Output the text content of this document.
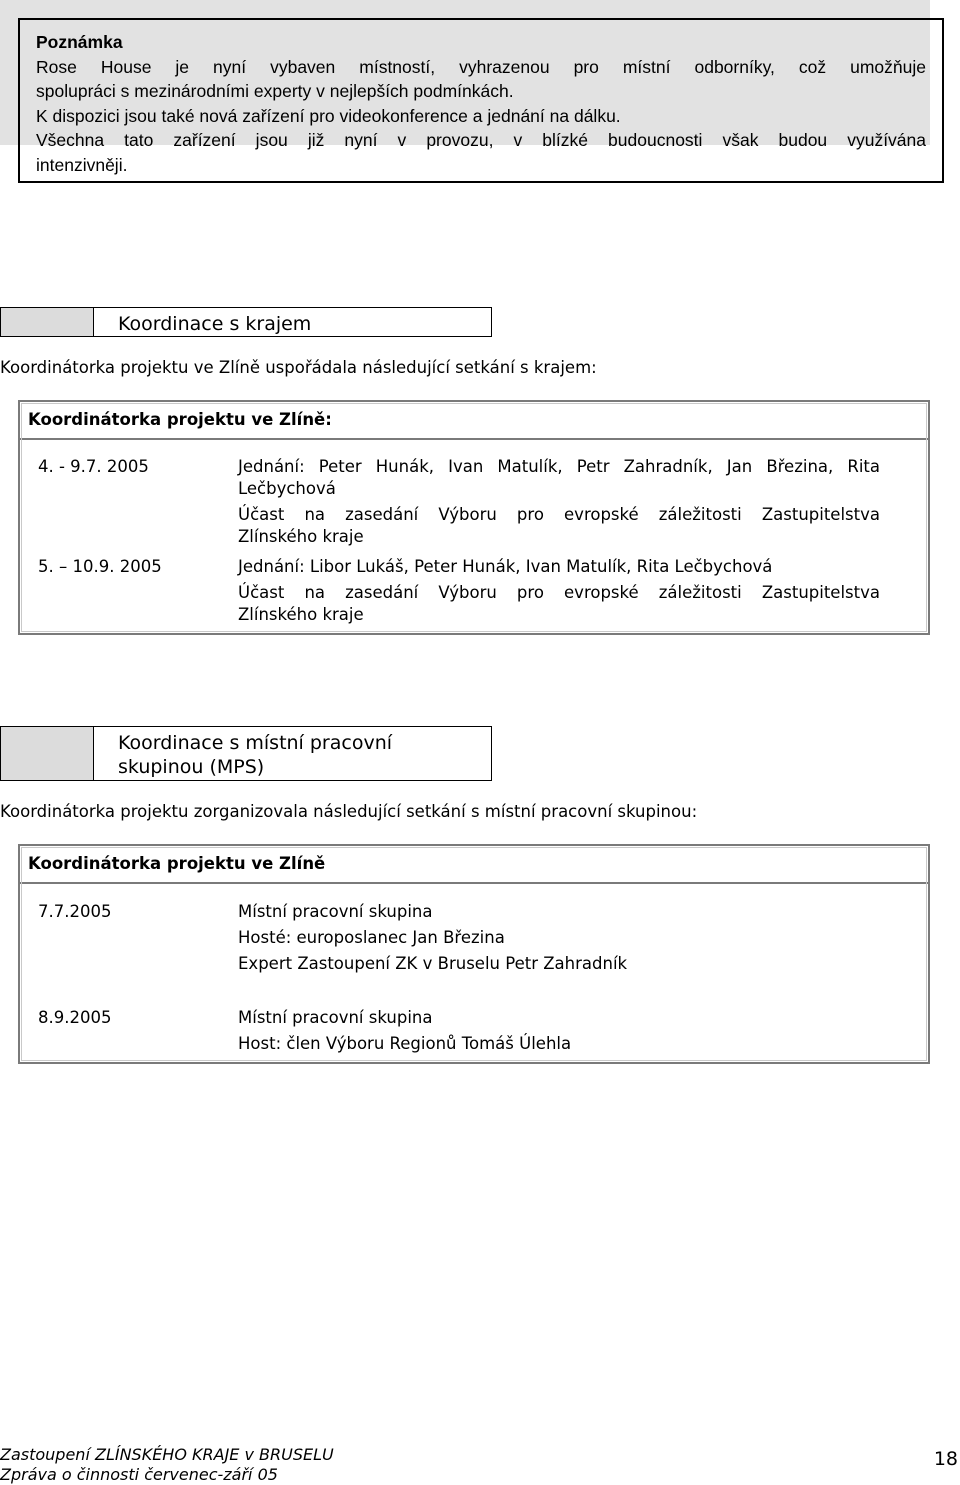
Poznámka
Rose House je nyní vybaven místností, vyhrazenou pro místní odborníky, což umožňuje
spolupráci s mezinárodními experty v nejlepších podmínkách.
K dispozici jsou také nová zařízení pro videokonference a jednání na dálku.
Všechna tato zařízení jsou již nyní v provozu, v blízké budoucnosti však budou využívána
intenzivněji.
Koordinace s krajem
Koordinátorka projektu ve Zlíně uspořádala následující setkání s krajem:
Koordinátorka projektu ve Zlíně:
4. - 9.7. 2005	Jednání: Peter Hunák, Ivan Matulík, Petr Zahradník, Jan Březina, Rita
Lečbychová
Účast na zasedání Výboru pro evropské záležitosti Zastupitelstva
Zlínského kraje
5. – 10.9. 2005	Jednání: Libor Lukáš, Peter Hunák, Ivan Matulík, Rita Lečbychová
Účast na zasedání Výboru pro evropské záležitosti Zastupitelstva
Zlínského kraje
Koordinace s místní pracovní
skupinou (MPS)
Koordinátorka projektu zorganizovala následující setkání s místní pracovní skupinou:
Koordinátorka projektu ve Zlíně
7.7.2005	Místní pracovní skupina
Hosté: europoslanec Jan Březina
Expert Zastoupení ZK v Bruselu Petr Zahradník
8.9.2005	Místní pracovní skupina
Host: člen Výboru Regionů Tomáš Úlehla
Zastoupení ZLÍNSKÉHO KRAJE v BRUSELU
Zpráva o činnosti červenec-září 05
18
